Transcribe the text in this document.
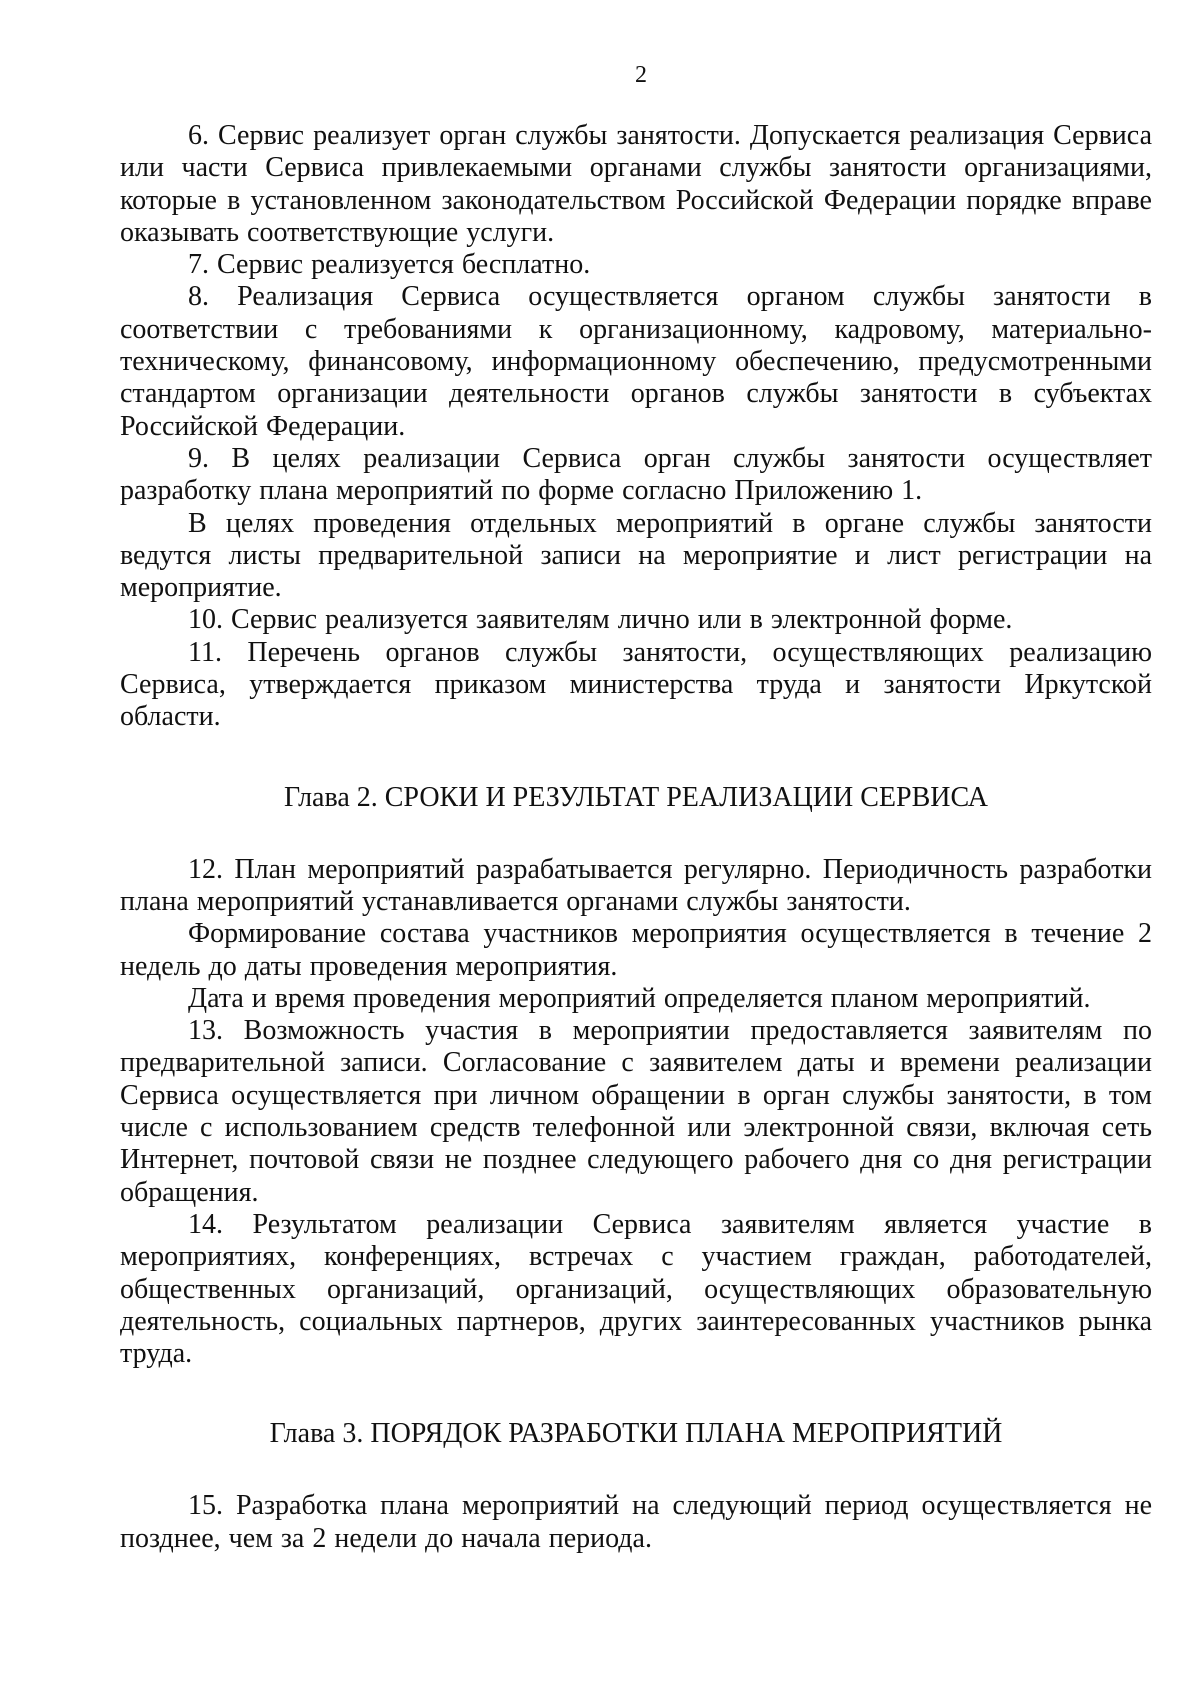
2

6. Сервис реализует орган службы занятости. Допускается реализация Сервиса или части Сервиса привлекаемыми органами службы занятости организациями, которые в установленном законодательством Российской Федерации порядке вправе оказывать соответствующие услуги.

7. Сервис реализуется бесплатно.

8. Реализация Сервиса осуществляется органом службы занятости в соответствии с требованиями к организационному, кадровому, материально-техническому, финансовому, информационному обеспечению, предусмотренными стандартом организации деятельности органов службы занятости в субъектах Российской Федерации.

9. В целях реализации Сервиса орган службы занятости осуществляет разработку плана мероприятий по форме согласно Приложению 1.

В целях проведения отдельных мероприятий в органе службы занятости ведутся листы предварительной записи на мероприятие и лист регистрации на мероприятие.

10. Сервис реализуется заявителям лично или в электронной форме.

11. Перечень органов службы занятости, осуществляющих реализацию Сервиса, утверждается приказом министерства труда и занятости Иркутской области.

Глава 2. СРОКИ И РЕЗУЛЬТАТ РЕАЛИЗАЦИИ СЕРВИСА

12. План мероприятий разрабатывается регулярно. Периодичность разработки плана мероприятий устанавливается органами службы занятости.

Формирование состава участников мероприятия осуществляется в течение 2 недель до даты проведения мероприятия.

Дата и время проведения мероприятий определяется планом мероприятий.

13. Возможность участия в мероприятии предоставляется заявителям по предварительной записи. Согласование с заявителем даты и времени реализации Сервиса осуществляется при личном обращении в орган службы занятости, в том числе с использованием средств телефонной или электронной связи, включая сеть Интернет, почтовой связи не позднее следующего рабочего дня со дня регистрации обращения.

14. Результатом реализации Сервиса заявителям является участие в мероприятиях, конференциях, встречах с участием граждан, работодателей, общественных организаций, организаций, осуществляющих образовательную деятельность, социальных партнеров, других заинтересованных участников рынка труда.

Глава 3. ПОРЯДОК РАЗРАБОТКИ ПЛАНА МЕРОПРИЯТИЙ

15. Разработка плана мероприятий на следующий период осуществляется не позднее, чем за 2 недели до начала периода.
